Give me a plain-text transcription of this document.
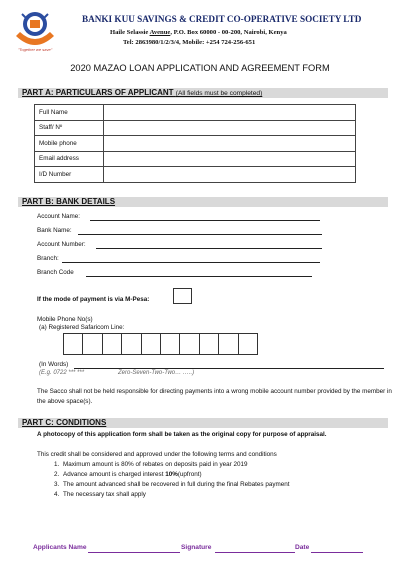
"Together we save"
BANKI KUU SAVINGS & CREDIT CO-OPERATIVE SOCIETY LTD
Haile Selassie Avenue, P.O. Box 60000 - 00-200, Nairobi, Kenya
Tel: 2863980/1/2/3/4, Mobile: +254 724-256-651
2020 MAZAO LOAN APPLICATION AND AGREEMENT FORM
PART A: PARTICULARS OF APPLICANT (All fields must be completed)
Full Name	
Staff/ Nº	
Mobile phone	
Email address	
I/D Number	
PART B: BANK DETAILS
Account Name:
Bank Name:
Account Number:
Branch:
Branch Code
If the mode of payment is via M-Pesa:
Mobile Phone No(s)
(a) Registered Safaricom Line:
(In Words)
(E.g. 0722 *** ***	Zero-Seven-Two-Two… …..)
The Sacco shall not be held responsible for directing payments into a wrong mobile account number provided by the member in the above space(s).
PART C: CONDITIONS
A photocopy of this application form shall be taken as the original copy for purpose of appraisal.
This credit shall be considered and approved under the following terms and conditions
1. Maximum amount is 80% of rebates on deposits paid in year 2019
2. Advance amount is charged interest 10%(upfront)
3. The amount advanced shall be recovered in full during the final Rebates payment
4. The necessary tax shall apply
Applicants Name	Signature	Date
